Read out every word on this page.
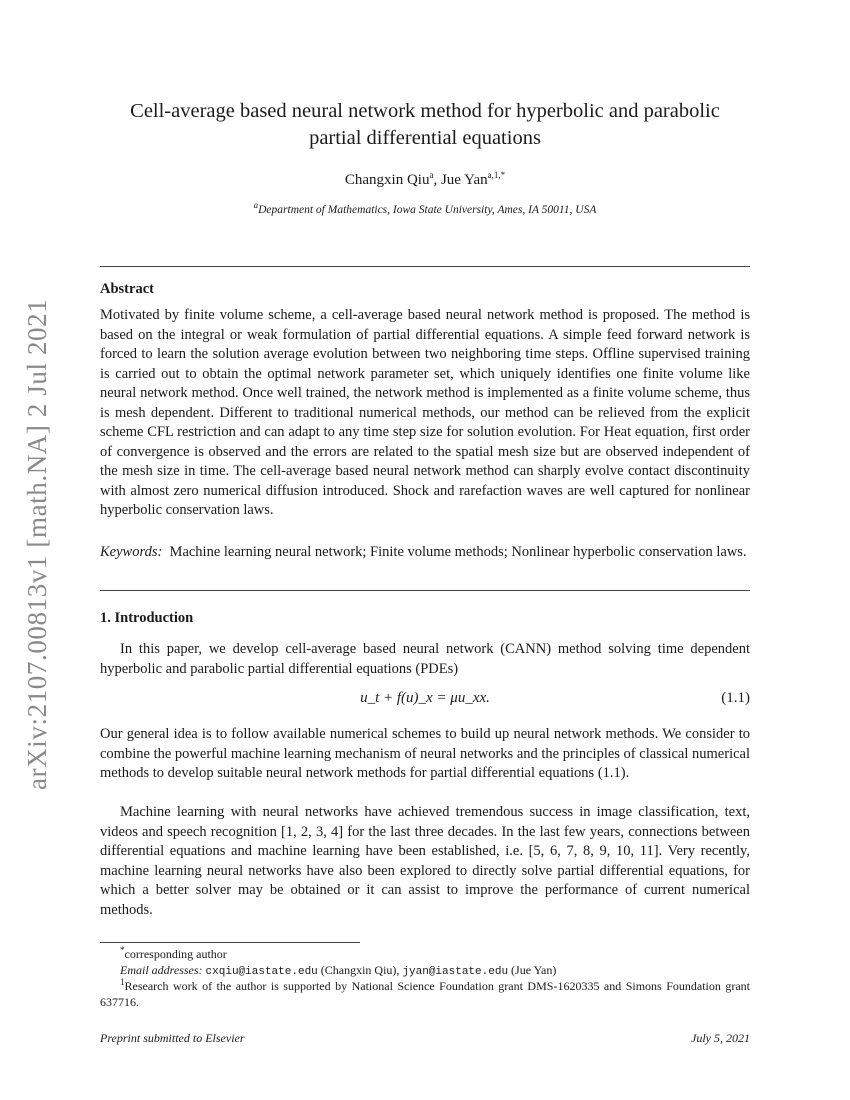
arXiv:2107.00813v1 [math.NA] 2 Jul 2021
Cell-average based neural network method for hyperbolic and parabolic
partial differential equations
Changxin Qiu$^a$, Jue Yan$^{a,1,*}$
$^a$Department of Mathematics, Iowa State University, Ames, IA 50011, USA
Abstract

Motivated by finite volume scheme, a cell-average based neural network method is proposed. The method is based on the integral or weak formulation of partial differential equations. A simple feed forward network is forced to learn the solution average evolution between two neighboring time steps. Offline supervised training is carried out to obtain the optimal network parameter set, which uniquely identifies one finite volume like neural network method. Once well trained, the network method is implemented as a finite volume scheme, thus is mesh dependent. Different to traditional numerical methods, our method can be relieved from the explicit scheme CFL restriction and can adapt to any time step size for solution evolution. For Heat equation, first order of convergence is observed and the errors are related to the spatial mesh size but are observed independent of the mesh size in time. The cell-average based neural network method can sharply evolve contact discontinuity with almost zero numerical diffusion introduced. Shock and rarefaction waves are well captured for nonlinear hyperbolic conservation laws.

Keywords: Machine learning neural network; Finite volume methods; Nonlinear hyperbolic conservation laws.

1. Introduction

In this paper, we develop cell-average based neural network (CANN) method solving time dependent hyperbolic and parabolic partial differential equations (PDEs)

u_t + f(u)_x = μu_xx.	(1.1)

Our general idea is to follow available numerical schemes to build up neural network methods. We consider to combine the powerful machine learning mechanism of neural networks and the principles of classical numerical methods to develop suitable neural network methods for partial differential equations (1.1).

Machine learning with neural networks have achieved tremendous success in image classification, text, videos and speech recognition [1, 2, 3, 4] for the last three decades. In the last few years, connections between differential equations and machine learning have been established, i.e. [5, 6, 7, 8, 9, 10, 11]. Very recently, machine learning neural networks have also been explored to directly solve partial differential equations, for which a better solver may be obtained or it can assist to improve the performance of current numerical methods.

*corresponding author

Email addresses: cxqiu@iastate.edu (Changxin Qiu), jyan@iastate.edu (Jue Yan)

$^1$Research work of the author is supported by National Science Foundation grant DMS-1620335 and Simons Foundation grant 637716.

Preprint submitted to Elsevier	July 5, 2021
